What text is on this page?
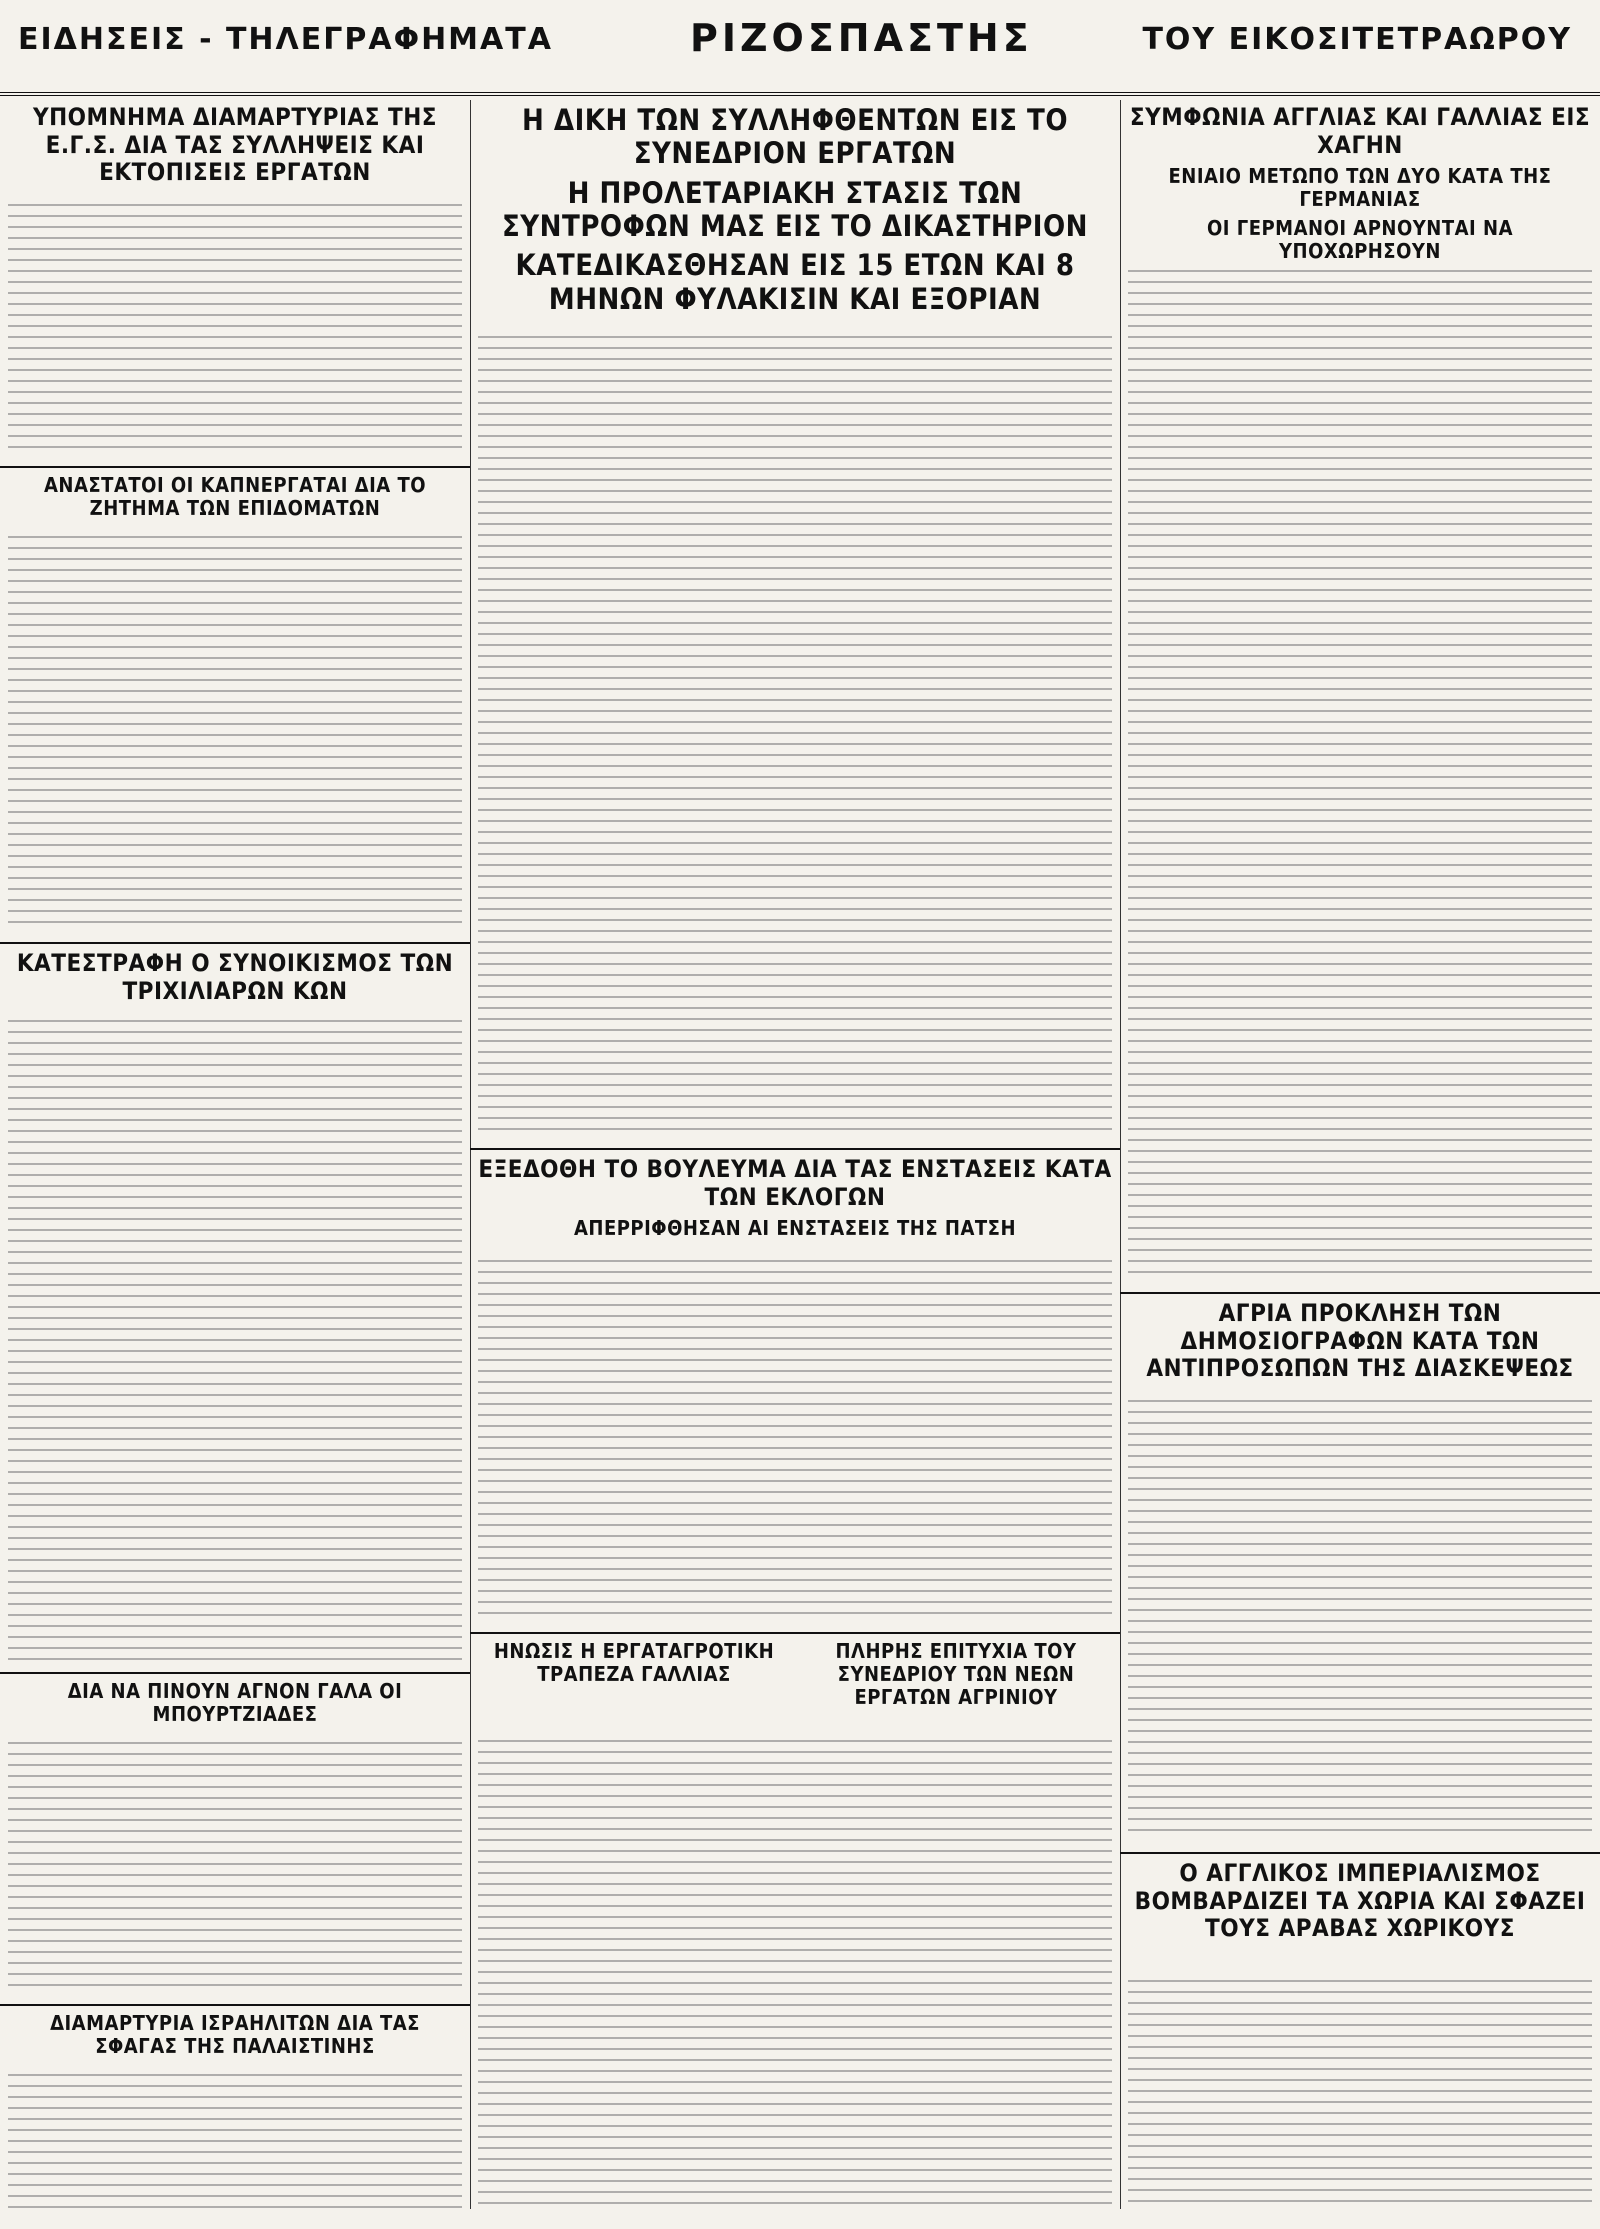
ΕΙΔΗΣΕΙΣ - ΤΗΛΕΓΡΑΦΗΜΑΤΑ	ΡΙΖΟΣΠΑΣΤΗΣ	ΤΟΥ ΕΙΚΟΣΙΤΕΤΡΑΩΡΟΥ

ΥΠΟΜΝΗΜΑ ΔΙΑΜΑΡΤΥΡΙΑΣ ΤΗΣ Ε.Γ.Σ. ΔΙΑ ΤΑΣ ΣΥΛΛΗΨΕΙΣ ΚΑΙ ΕΚΤΟΠΙΣΕΙΣ ΕΡΓΑΤΩΝ

ΑΝΑΣΤΑΤΟΙ ΟΙ ΚΑΠΝΕΡΓΑΤΑΙ ΔΙΑ ΤΟ ΖΗΤΗΜΑ ΤΩΝ ΕΠΙΔΟΜΑΤΩΝ

ΚΑΤΕΣΤΡΑΦΗ Ο ΣΥΝΟΙΚΙΣΜΟΣ ΤΩΝ ΤΡΙΧΙΛΙΑΡΩΝ ΚΩΝ

ΔΙΑ ΝΑ ΠΙΝΟΥΝ ΑΓΝΟΝ ΓΑΛΑ ΟΙ ΜΠΟΥΡΤΖΙΑΔΕΣ

ΔΙΑΜΑΡΤΥΡΙΑ ΙΣΡΑΗΛΙΤΩΝ ΔΙΑ ΤΑΣ ΣΦΑΓΑΣ ΤΗΣ ΠΑΛΑΙΣΤΙΝΗΣ

Η ΔΙΚΗ ΤΩΝ ΣΥΛΛΗΦΘΕΝΤΩΝ ΕΙΣ ΤΟ ΣΥΝΕΔΡΙΟΝ ΕΡΓΑΤΩΝ

Η ΠΡΟΛΕΤΑΡΙΑΚΗ ΣΤΑΣΙΣ ΤΩΝ ΣΥΝΤΡΟΦΩΝ ΜΑΣ ΕΙΣ ΤΟ ΔΙΚΑΣΤΗΡΙΟΝ

ΚΑΤΕΔΙΚΑΣΘΗΣΑΝ ΕΙΣ 15 ΕΤΩΝ ΚΑΙ 8 ΜΗΝΩΝ ΦΥΛΑΚΙΣΙΝ ΚΑΙ ΕΞΟΡΙΑΝ

ΕΞΕΔΟΘΗ ΤΟ ΒΟΥΛΕΥΜΑ ΔΙΑ ΤΑΣ ΕΝΣΤΑΣΕΙΣ ΚΑΤΑ ΤΩΝ ΕΚΛΟΓΩΝ

ΑΠΕΡΡΙΦΘΗΣΑΝ ΑΙ ΕΝΣΤΑΣΕΙΣ ΤΗΣ ΠΑΤΣΗ

ΗΝΩΣΙΣ Η ΕΡΓΑΤΑΓΡΟΤΙΚΗ ΤΡΑΠΕΖΑ ΓΑΛΛΙΑΣ

ΠΛΗΡΗΣ ΕΠΙΤΥΧΙΑ ΤΟΥ ΣΥΝΕΔΡΙΟΥ ΤΩΝ ΝΕΩΝ ΕΡΓΑΤΩΝ ΑΓΡΙΝΙΟΥ

ΣΥΜΦΩΝΙΑ ΑΓΓΛΙΑΣ ΚΑΙ ΓΑΛΛΙΑΣ ΕΙΣ ΧΑΓΗΝ

ΕΝΙΑΙΟ ΜΕΤΩΠΟ ΤΩΝ ΔΥΟ ΚΑΤΑ ΤΗΣ ΓΕΡΜΑΝΙΑΣ

ΟΙ ΓΕΡΜΑΝΟΙ ΑΡΝΟΥΝΤΑΙ ΝΑ ΥΠΟΧΩΡΗΣΟΥΝ

ΑΓΡΙΑ ΠΡΟΚΛΗΣΗ ΤΩΝ ΔΗΜΟΣΙΟΓΡΑΦΩΝ ΚΑΤΑ ΤΩΝ ΑΝΤΙΠΡΟΣΩΠΩΝ ΤΗΣ ΔΙΑΣΚΕΨΕΩΣ

Ο ΑΓΓΛΙΚΟΣ ΙΜΠΕΡΙΑΛΙΣΜΟΣ ΒΟΜΒΑΡΔΙΖΕΙ ΤΑ ΧΩΡΙΑ ΚΑΙ ΣΦΑΖΕΙ ΤΟΥΣ ΑΡΑΒΑΣ ΧΩΡΙΚΟΥΣ
